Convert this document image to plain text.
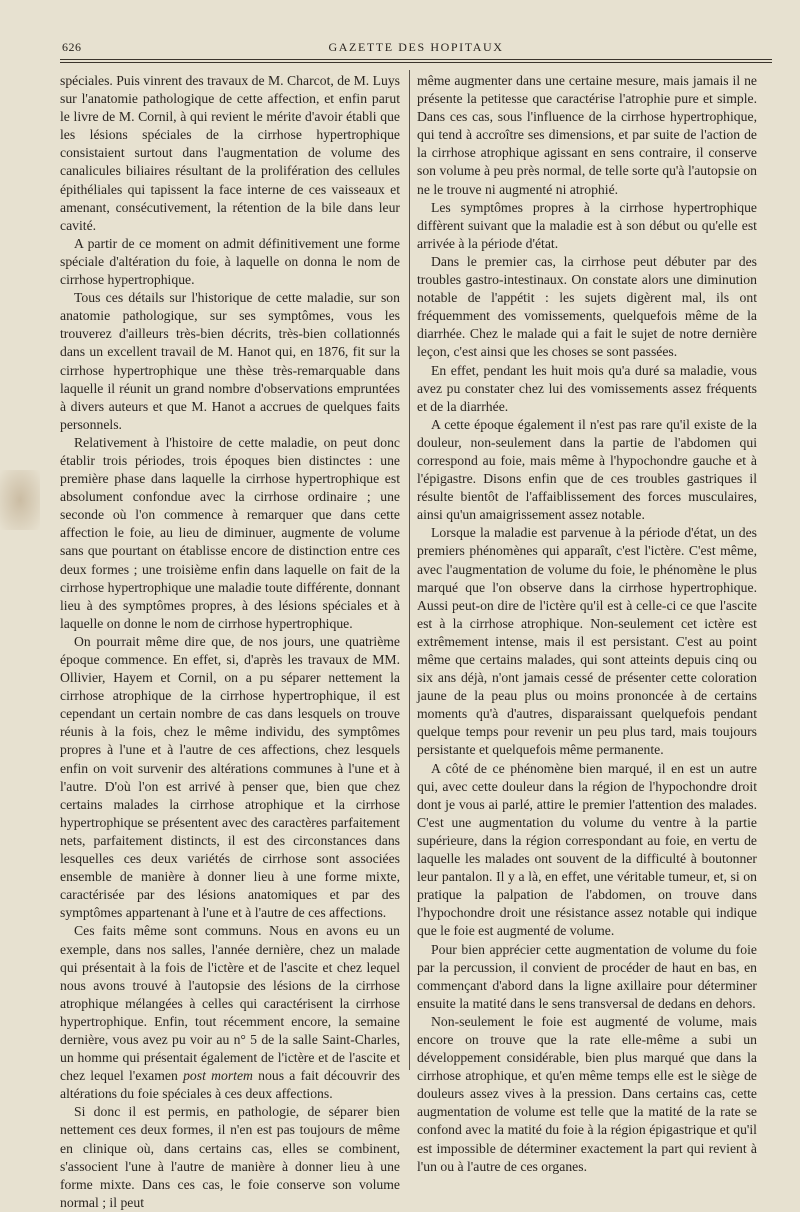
626	GAZETTE DES HOPITAUX

spéciales. Puis vinrent des travaux de M. Charcot, de M. Luys sur l'anatomie pathologique de cette affection, et enfin parut le livre de M. Cornil, à qui revient le mérite d'avoir établi que les lésions spéciales de la cirrhose hypertrophique consistaient surtout dans l'augmentation de volume des canalicules biliaires résultant de la prolifération des cellules épithéliales qui tapissent la face interne de ces vaisseaux et amenant, consécutivement, la rétention de la bile dans leur cavité.

A partir de ce moment on admit définitivement une forme spéciale d'altération du foie, à laquelle on donna le nom de cirrhose hypertrophique.

Tous ces détails sur l'historique de cette maladie, sur son anatomie pathologique, sur ses symptômes, vous les trouverez d'ailleurs très-bien décrits, très-bien collationnés dans un excellent travail de M. Hanot qui, en 1876, fit sur la cirrhose hypertrophique une thèse très-remarquable dans laquelle il réunit un grand nombre d'observations empruntées à divers auteurs et que M. Hanot a accrues de quelques faits personnels.

Relativement à l'histoire de cette maladie, on peut donc établir trois périodes, trois époques bien distinctes : une première phase dans laquelle la cirrhose hypertrophique est absolument confondue avec la cirrhose ordinaire ; une seconde où l'on commence à remarquer que dans cette affection le foie, au lieu de diminuer, augmente de volume sans que pourtant on établisse encore de distinction entre ces deux formes ; une troisième enfin dans laquelle on fait de la cirrhose hypertrophique une maladie toute différente, donnant lieu à des symptômes propres, à des lésions spéciales et à laquelle on donne le nom de cirrhose hypertrophique.

On pourrait même dire que, de nos jours, une quatrième époque commence. En effet, si, d'après les travaux de MM. Ollivier, Hayem et Cornil, on a pu séparer nettement la cirrhose atrophique de la cirrhose hypertrophique, il est cependant un certain nombre de cas dans lesquels on trouve réunis à la fois, chez le même individu, des symptômes propres à l'une et à l'autre de ces affections, chez lesquels enfin on voit survenir des altérations communes à l'une et à l'autre. D'où l'on est arrivé à penser que, bien que chez certains malades la cirrhose atrophique et la cirrhose hypertrophique se présentent avec des caractères parfaitement nets, parfaitement distincts, il est des circonstances dans lesquelles ces deux variétés de cirrhose sont associées ensemble de manière à donner lieu à une forme mixte, caractérisée par des lésions anatomiques et par des symptômes appartenant à l'une et à l'autre de ces affections.

Ces faits même sont communs. Nous en avons eu un exemple, dans nos salles, l'année dernière, chez un malade qui présentait à la fois de l'ictère et de l'ascite et chez lequel nous avons trouvé à l'autopsie des lésions de la cirrhose atrophique mélangées à celles qui caractérisent la cirrhose hypertrophique. Enfin, tout récemment encore, la semaine dernière, vous avez pu voir au n° 5 de la salle Saint-Charles, un homme qui présentait également de l'ictère et de l'ascite et chez lequel l'examen post mortem nous a fait découvrir des altérations du foie spéciales à ces deux affections.

Si donc il est permis, en pathologie, de séparer bien nettement ces deux formes, il n'en est pas toujours de même en clinique où, dans certains cas, elles se combinent, s'associent l'une à l'autre de manière à donner lieu à une forme mixte. Dans ces cas, le foie conserve son volume normal ; il peut

même augmenter dans une certaine mesure, mais jamais il ne présente la petitesse que caractérise l'atrophie pure et simple. Dans ces cas, sous l'influence de la cirrhose hypertrophique, qui tend à accroître ses dimensions, et par suite de l'action de la cirrhose atrophique agissant en sens contraire, il conserve son volume à peu près normal, de telle sorte qu'à l'autopsie on ne le trouve ni augmenté ni atrophié.

Les symptômes propres à la cirrhose hypertrophique diffèrent suivant que la maladie est à son début ou qu'elle est arrivée à la période d'état.

Dans le premier cas, la cirrhose peut débuter par des troubles gastro-intestinaux. On constate alors une diminution notable de l'appétit : les sujets digèrent mal, ils ont fréquemment des vomissements, quelquefois même de la diarrhée. Chez le malade qui a fait le sujet de notre dernière leçon, c'est ainsi que les choses se sont passées.

En effet, pendant les huit mois qu'a duré sa maladie, vous avez pu constater chez lui des vomissements assez fréquents et de la diarrhée.

A cette époque également il n'est pas rare qu'il existe de la douleur, non-seulement dans la partie de l'abdomen qui correspond au foie, mais même à l'hypochondre gauche et à l'épigastre. Disons enfin que de ces troubles gastriques il résulte bientôt de l'affaiblissement des forces musculaires, ainsi qu'un amaigrissement assez notable.

Lorsque la maladie est parvenue à la période d'état, un des premiers phénomènes qui apparaît, c'est l'ictère. C'est même, avec l'augmentation de volume du foie, le phénomène le plus marqué que l'on observe dans la cirrhose hypertrophique. Aussi peut-on dire de l'ictère qu'il est à celle-ci ce que l'ascite est à la cirrhose atrophique. Non-seulement cet ictère est extrêmement intense, mais il est persistant. C'est au point même que certains malades, qui sont atteints depuis cinq ou six ans déjà, n'ont jamais cessé de présenter cette coloration jaune de la peau plus ou moins prononcée à de certains moments qu'à d'autres, disparaissant quelquefois pendant quelque temps pour revenir un peu plus tard, mais toujours persistante et quelquefois même permanente.

A côté de ce phénomène bien marqué, il en est un autre qui, avec cette douleur dans la région de l'hypochondre droit dont je vous ai parlé, attire le premier l'attention des malades. C'est une augmentation du volume du ventre à la partie supérieure, dans la région correspondant au foie, en vertu de laquelle les malades ont souvent de la difficulté à boutonner leur pantalon. Il y a là, en effet, une véritable tumeur, et, si on pratique la palpation de l'abdomen, on trouve dans l'hypochondre droit une résistance assez notable qui indique que le foie est augmenté de volume.

Pour bien apprécier cette augmentation de volume du foie par la percussion, il convient de procéder de haut en bas, en commençant d'abord dans la ligne axillaire pour déterminer ensuite la matité dans le sens transversal de dedans en dehors.

Non-seulement le foie est augmenté de volume, mais encore on trouve que la rate elle-même a subi un développement considérable, bien plus marqué que dans la cirrhose atrophique, et qu'en même temps elle est le siège de douleurs assez vives à la pression. Dans certains cas, cette augmentation de volume est telle que la matité de la rate se confond avec la matité du foie à la région épigastrique et qu'il est impossible de déterminer exactement la part qui revient à l'un ou à l'autre de ces organes.
